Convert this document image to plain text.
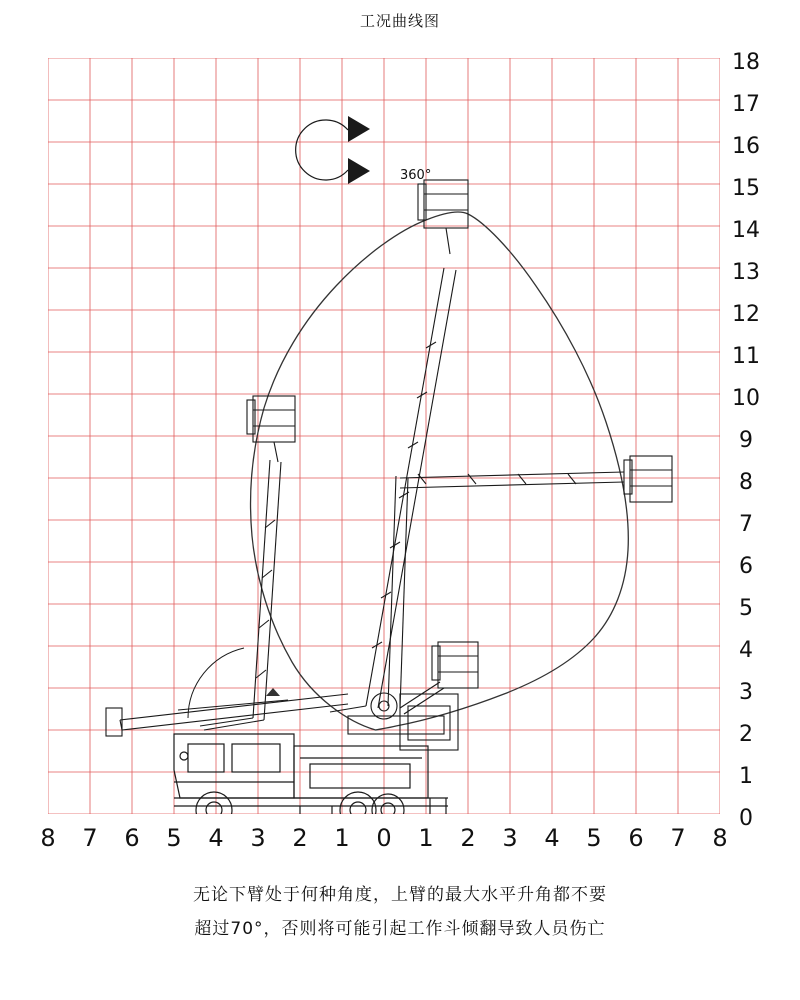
工况曲线图
360°
18
17
16
15
14
13
12
11
10
9
8
7
6
5
4
3
2
1
0
8	7	6	5	4	3	2	1	0	1	2	3	4	5	6	7	8
无论下臂处于何种角度，上臂的最大水平升角都不要
超过70°，否则将可能引起工作斗倾翻导致人员伤亡
